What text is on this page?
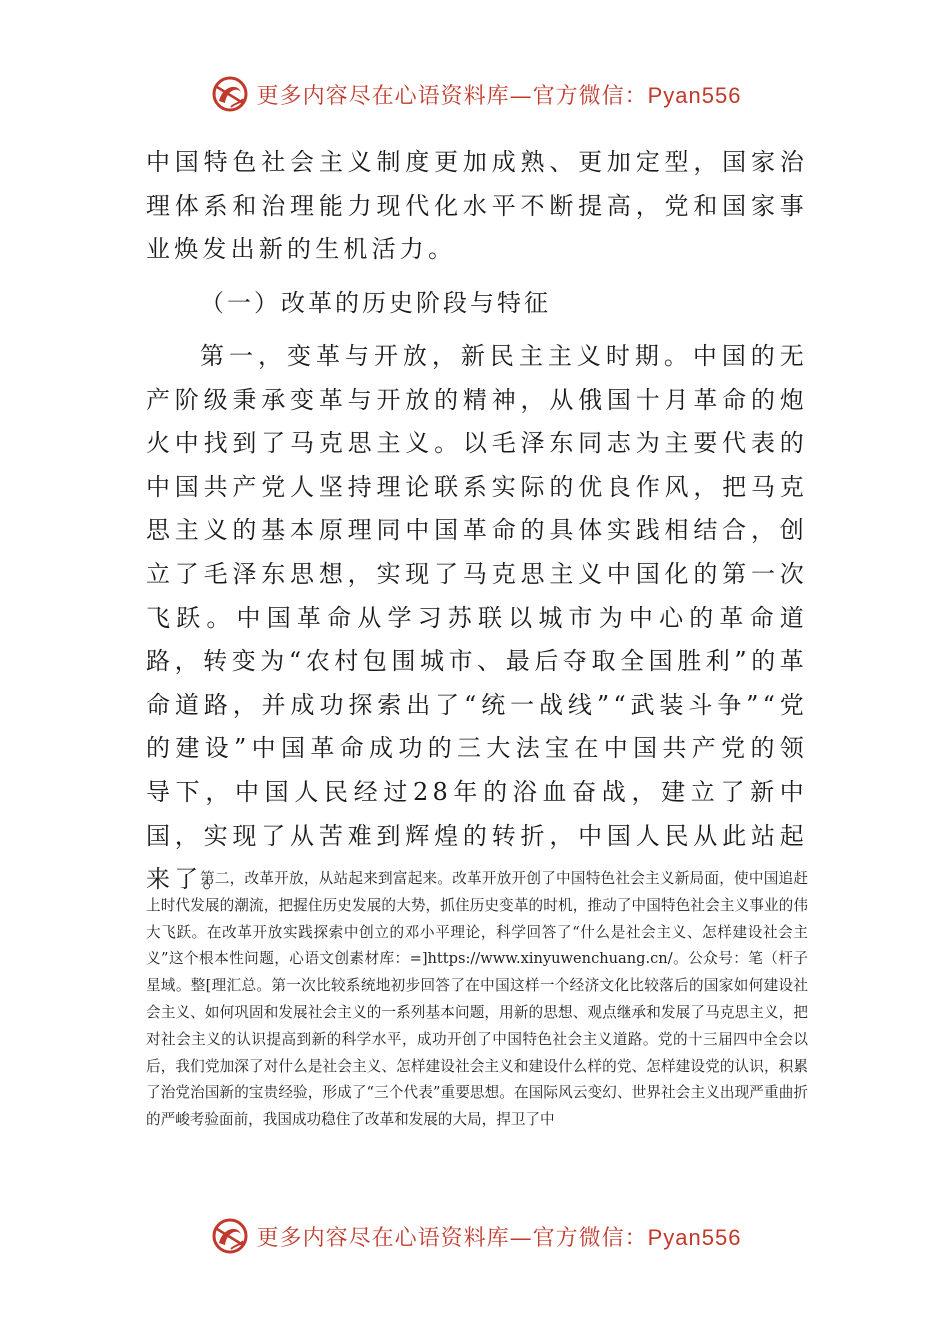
更多内容尽在心语资料库—官方微信：Pyan556

中国特色社会主义制度更加成熟、更加定型，国家治理体系和治理能力现代化水平不断提高，党和国家事业焕发出新的生机活力。

（一）改革的历史阶段与特征

第一，变革与开放，新民主主义时期。中国的无产阶级秉承变革与开放的精神，从俄国十月革命的炮火中找到了马克思主义。以毛泽东同志为主要代表的中国共产党人坚持理论联系实际的优良作风，把马克思主义的基本原理同中国革命的具体实践相结合，创立了毛泽东思想，实现了马克思主义中国化的第一次飞跃。中国革命从学习苏联以城市为中心的革命道路，转变为“农村包围城市、最后夺取全国胜利”的革命道路，并成功探索出了“统一战线”“武装斗争”“党的建设”中国革命成功的三大法宝在中国共产党的领导下，中国人民经过28年的浴血奋战，建立了新中国，实现了从苦难到辉煌的转折，中国人民从此站起来了。

第二，改革开放，从站起来到富起来。改革开放开创了中国特色社会主义新局面，使中国追赶上时代发展的潮流，把握住历史发展的大势，抓住历史变革的时机，推动了中国特色社会主义事业的伟大飞跃。在改革开放实践探索中创立的邓小平理论，科学回答了“什么是社会主义、怎样建设社会主义”这个根本性问题，心语文创素材库：=]https://www.xinyuwenchuang.cn/。公众号：笔（杆子星域。整[理汇总。第一次比较系统地初步回答了在中国这样一个经济文化比较落后的国家如何建设社会主义、如何巩固和发展社会主义的一系列基本问题，用新的思想、观点继承和发展了马克思主义，把对社会主义的认识提高到新的科学水平，成功开创了中国特色社会主义道路。党的十三届四中全会以后，我们党加深了对什么是社会主义、怎样建设社会主义和建设什么样的党、怎样建设党的认识，积累了治党治国新的宝贵经验，形成了“三个代表”重要思想。在国际风云变幻、世界社会主义出现严重曲折的严峻考验面前，我国成功稳住了改革和发展的大局，捍卫了中

更多内容尽在心语资料库—官方微信：Pyan556
